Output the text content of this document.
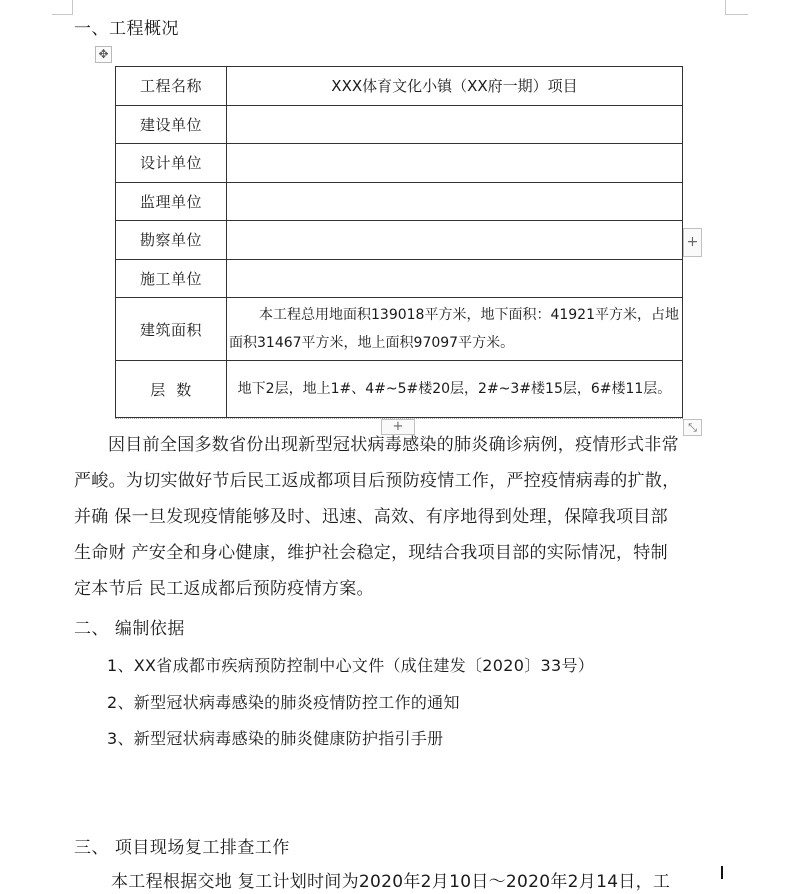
一、工程概况
✥
工程名称	XXX体育文化小镇（XX府一期）项目
建设单位	
设计单位	
监理单位	
勘察单位	
施工单位	
建筑面积	本工程总用地面积139018平方米，地下面积：41921平方米，占地面积31467平方米，地上面积97097平方米。
层  数	地下2层，地上1#、4#~5#楼20层，2#~3#楼15层，6#楼11层。
+
+	⤡
因目前全国多数省份出现新型冠状病毒感染的肺炎确诊病例，疫情形式非常
严峻。为切实做好节后民工返成都项目后预防疫情工作，严控疫情病毒的扩散，
并确 保一旦发现疫情能够及时、迅速、高效、有序地得到处理，保障我项目部
生命财 产安全和身心健康，维护社会稳定，现结合我项目部的实际情况，特制
定本节后 民工返成都后预防疫情方案。
二、 编制依据
1、XX省成都市疾病预防控制中心文件（成住建发〔2020〕33号）
2、新型冠状病毒感染的肺炎疫情防控工作的通知
3、新型冠状病毒感染的肺炎健康防护指引手册
三、 项目现场复工排查工作
本工程根据交地 复工计划时间为2020年2月10日～2020年2月14日，工
